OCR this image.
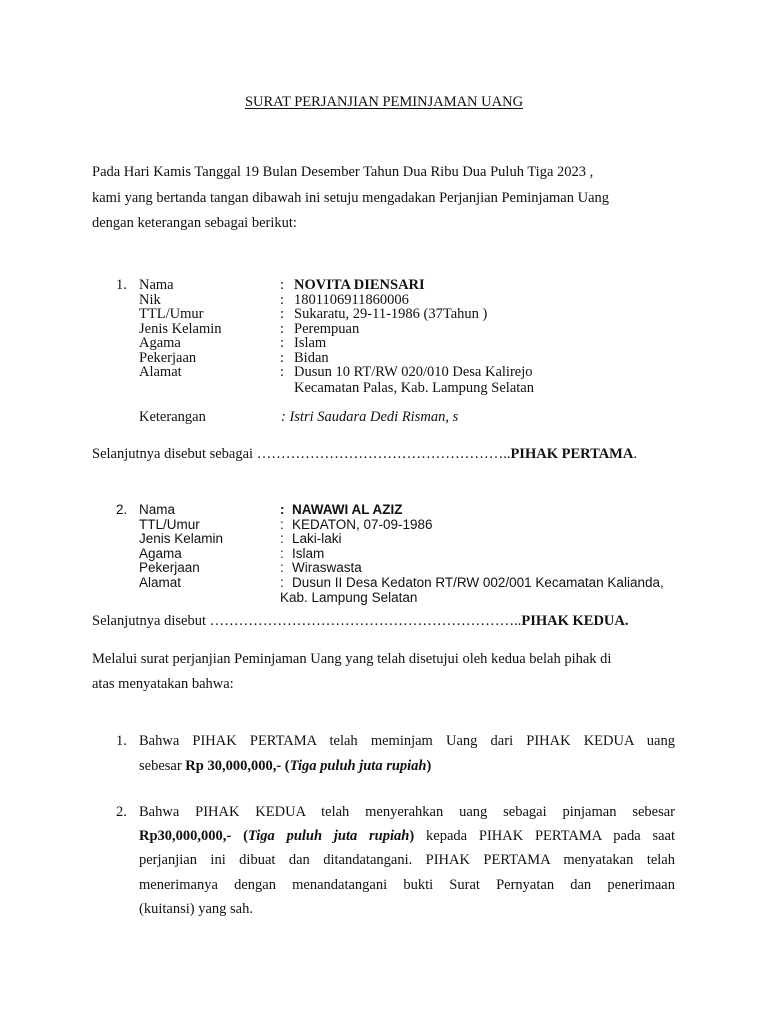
SURAT PERJANJIAN PEMINJAMAN UANG
Pada Hari Kamis Tanggal 19 Bulan Desember Tahun Dua Ribu Dua Puluh Tiga 2023 ,
kami yang bertanda tangan dibawah ini setuju mengadakan Perjanjian Peminjaman Uang
dengan keterangan sebagai berikut:
1. Nama	: NOVITA DIENSARI
Nik	: 1801106911860006
TTL/Umur	: Sukaratu, 29-11-1986 (37Tahun )
Jenis Kelamin	: Perempuan
Agama	: Islam
Pekerjaan	: Bidan
Alamat	: Dusun 10 RT/RW 020/010 Desa Kalirejo
Kecamatan Palas, Kab. Lampung Selatan
Keterangan	: Istri Saudara Dedi Risman, s
Selanjutnya disebut sebagai ……………………………………………..PIHAK PERTAMA.
2. Nama	: NAWAWI AL AZIZ
TTL/Umur	: KEDATON, 07-09-1986
Jenis Kelamin	: Laki-laki
Agama	: Islam
Pekerjaan	: Wiraswasta
Alamat	: Dusun II Desa Kedaton RT/RW 002/001 Kecamatan Kalianda,
Kab. Lampung Selatan
Selanjutnya disebut ………………………………………………………..PIHAK KEDUA.
Melalui surat perjanjian Peminjaman Uang yang telah disetujui oleh kedua belah pihak di
atas menyatakan bahwa:
1. Bahwa PIHAK PERTAMA telah meminjam Uang dari PIHAK KEDUA uang
sebesar Rp 30,000,000,- (Tiga puluh juta rupiah)
2. Bahwa PIHAK KEDUA telah menyerahkan uang sebagai pinjaman sebesar
Rp30,000,000,- (Tiga puluh juta rupiah) kepada PIHAK PERTAMA pada saat
perjanjian ini dibuat dan ditandatangani. PIHAK PERTAMA menyatakan telah
menerimanya dengan menandatangani bukti Surat Pernyatan dan penerimaan
(kuitansi) yang sah.
